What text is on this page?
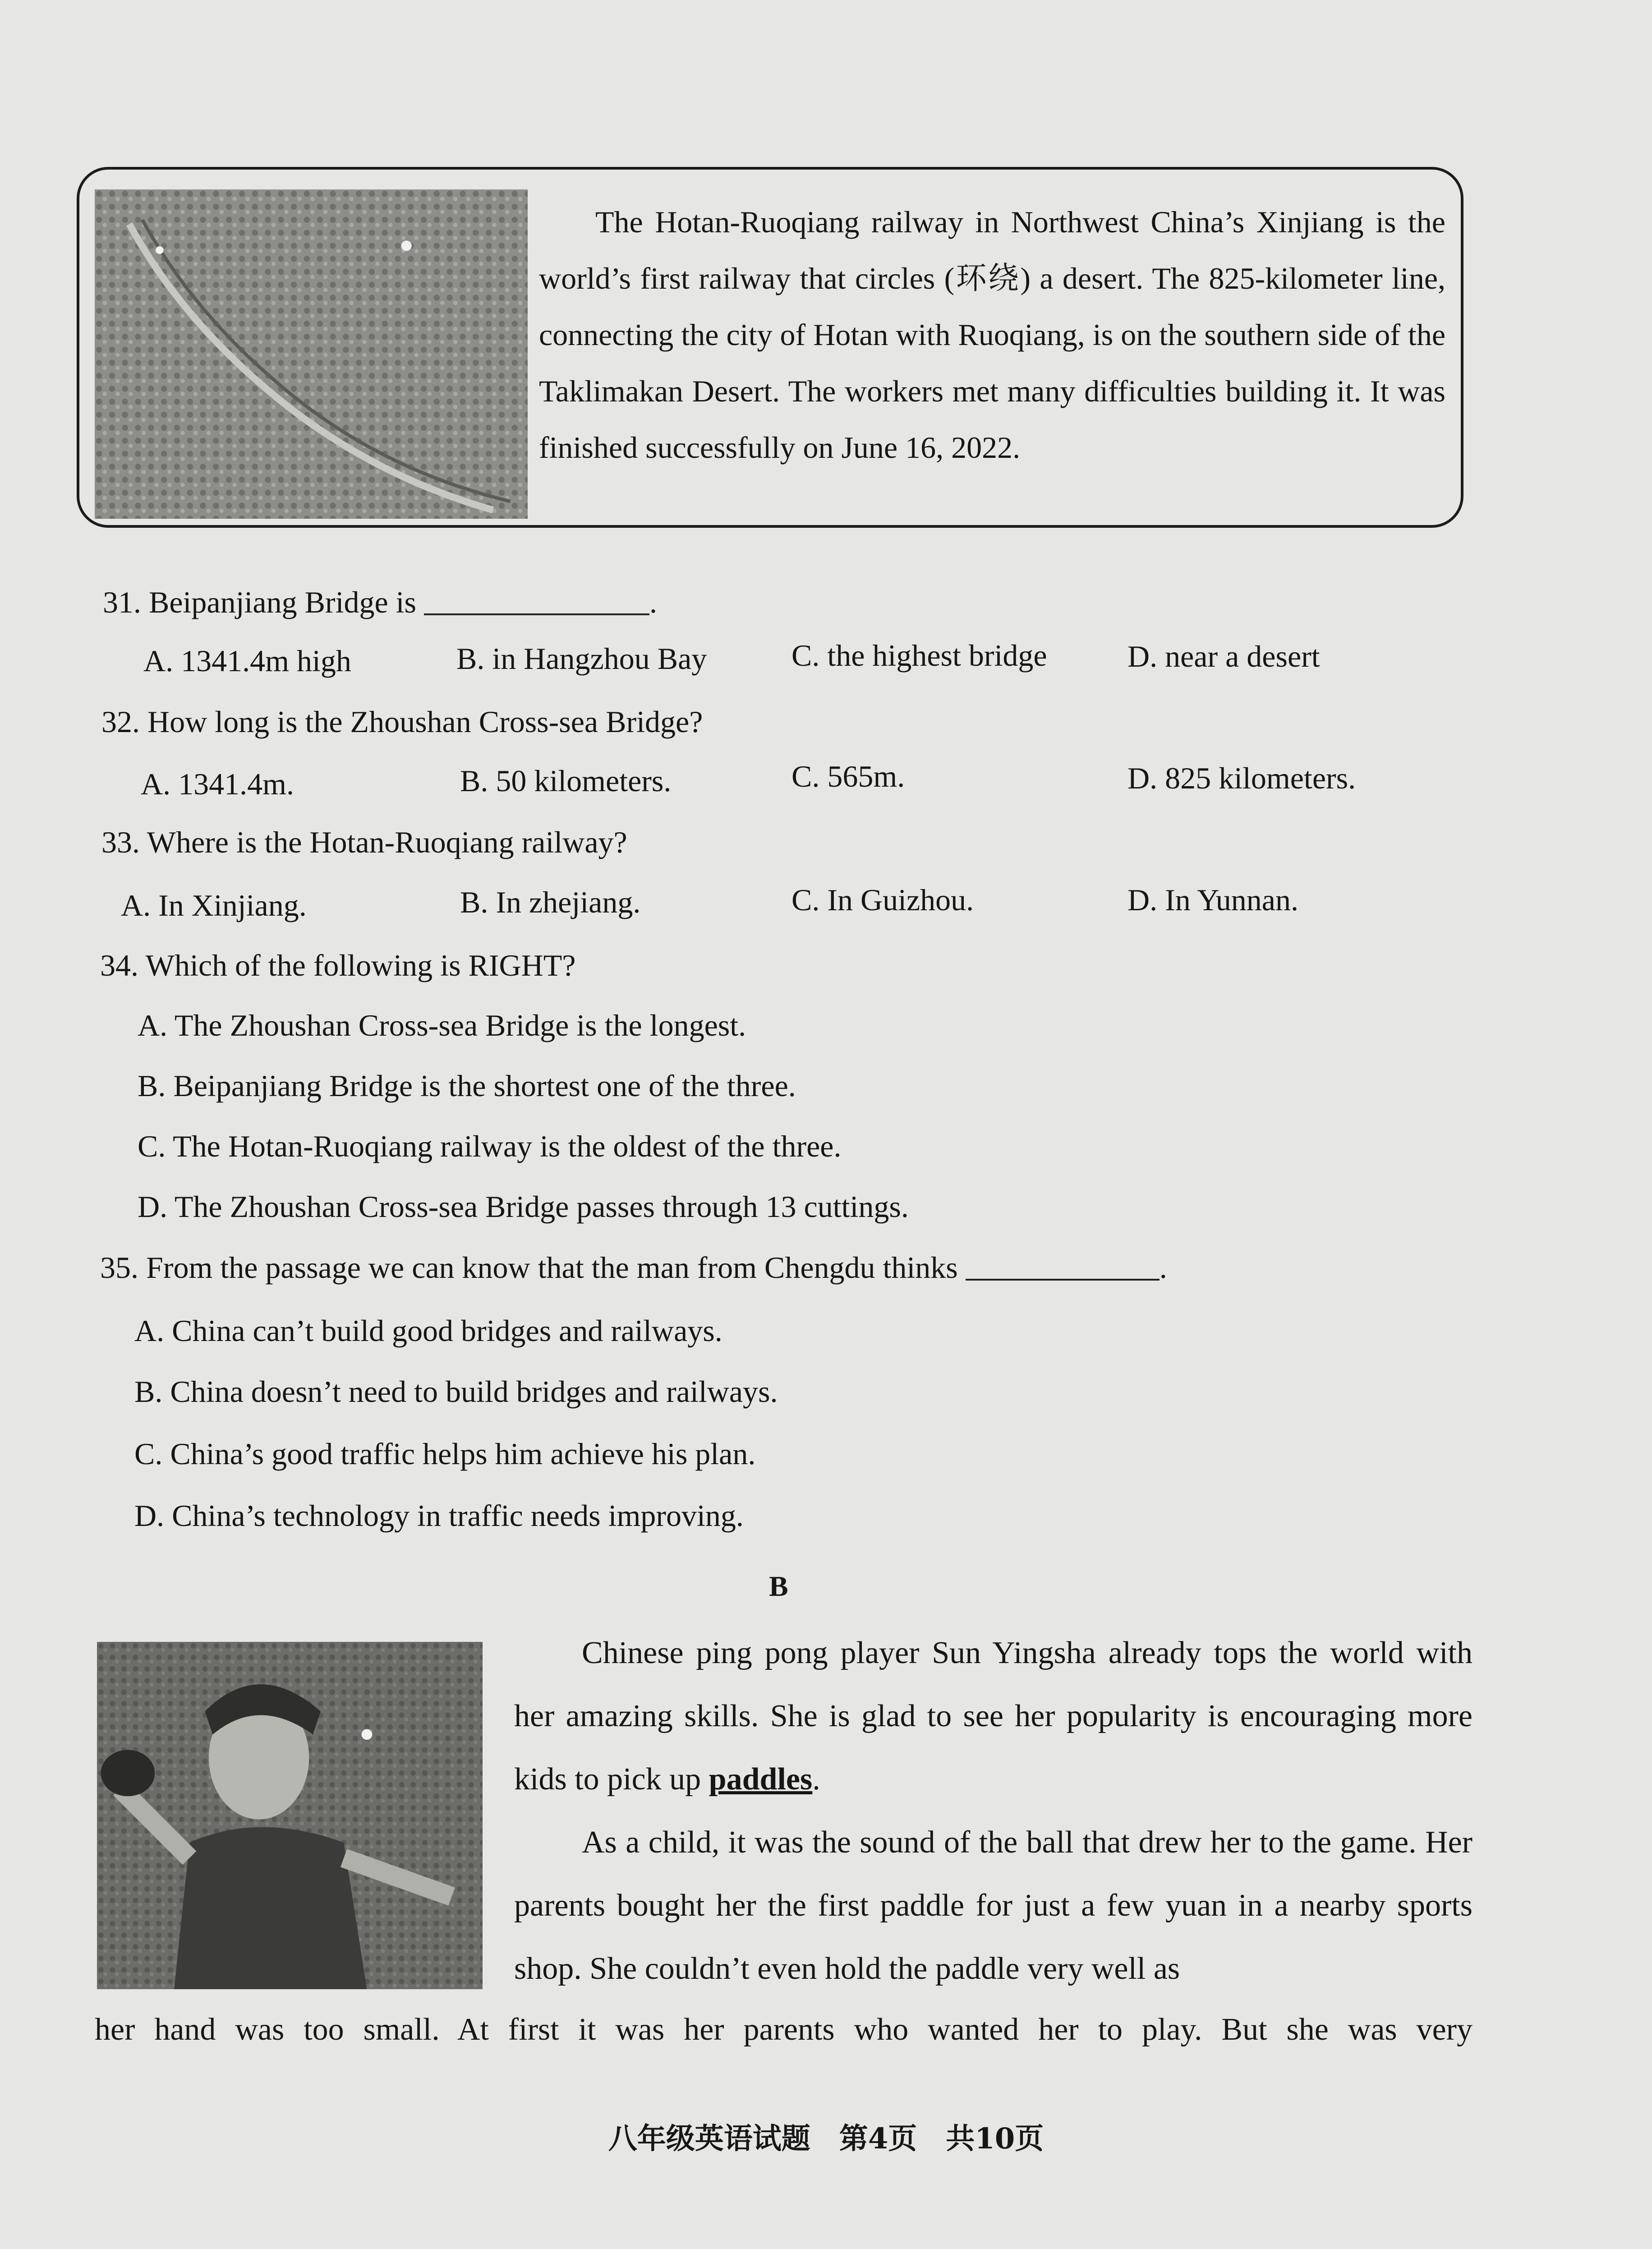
The Hotan-Ruoqiang railway in Northwest China’s Xinjiang is the world’s first railway that circles (环绕) a desert. The 825-kilometer line, connecting the city of Hotan with Ruoqiang, is on the southern side of the Taklimakan Desert. The workers met many difficulties building it. It was finished successfully on June 16, 2022.

31. Beipanjiang Bridge is	.
A. 1341.4m high	B. in Hangzhou Bay	C. the highest bridge	D. near a desert
32. How long is the Zhoushan Cross-sea Bridge?
A. 1341.4m.	B. 50 kilometers.	C. 565m.	D. 825 kilometers.
33. Where is the Hotan-Ruoqiang railway?
A. In Xinjiang.	B. In zhejiang.	C. In Guizhou.	D. In Yunnan.
34. Which of the following is RIGHT?
A. The Zhoushan Cross-sea Bridge is the longest.
B. Beipanjiang Bridge is the shortest one of the three.
C. The Hotan-Ruoqiang railway is the oldest of the three.
D. The Zhoushan Cross-sea Bridge passes through 13 cuttings.
35. From the passage we can know that the man from Chengdu thinks	.
A. China can’t build good bridges and railways.
B. China doesn’t need to build bridges and railways.
C. China’s good traffic helps him achieve his plan.
D. China’s technology in traffic needs improving.
B

Chinese ping pong player Sun Yingsha already tops the world with her amazing skills. She is glad to see her popularity is encouraging more kids to pick up paddles.

As a child, it was the sound of the ball that drew her to the game. Her parents bought her the first paddle for just a few yuan in a nearby sports shop. She couldn’t even hold the paddle very well as

her hand was too small. At first it was her parents who wanted her to play. But she was very
八年级英语试题　第4页　共10页
